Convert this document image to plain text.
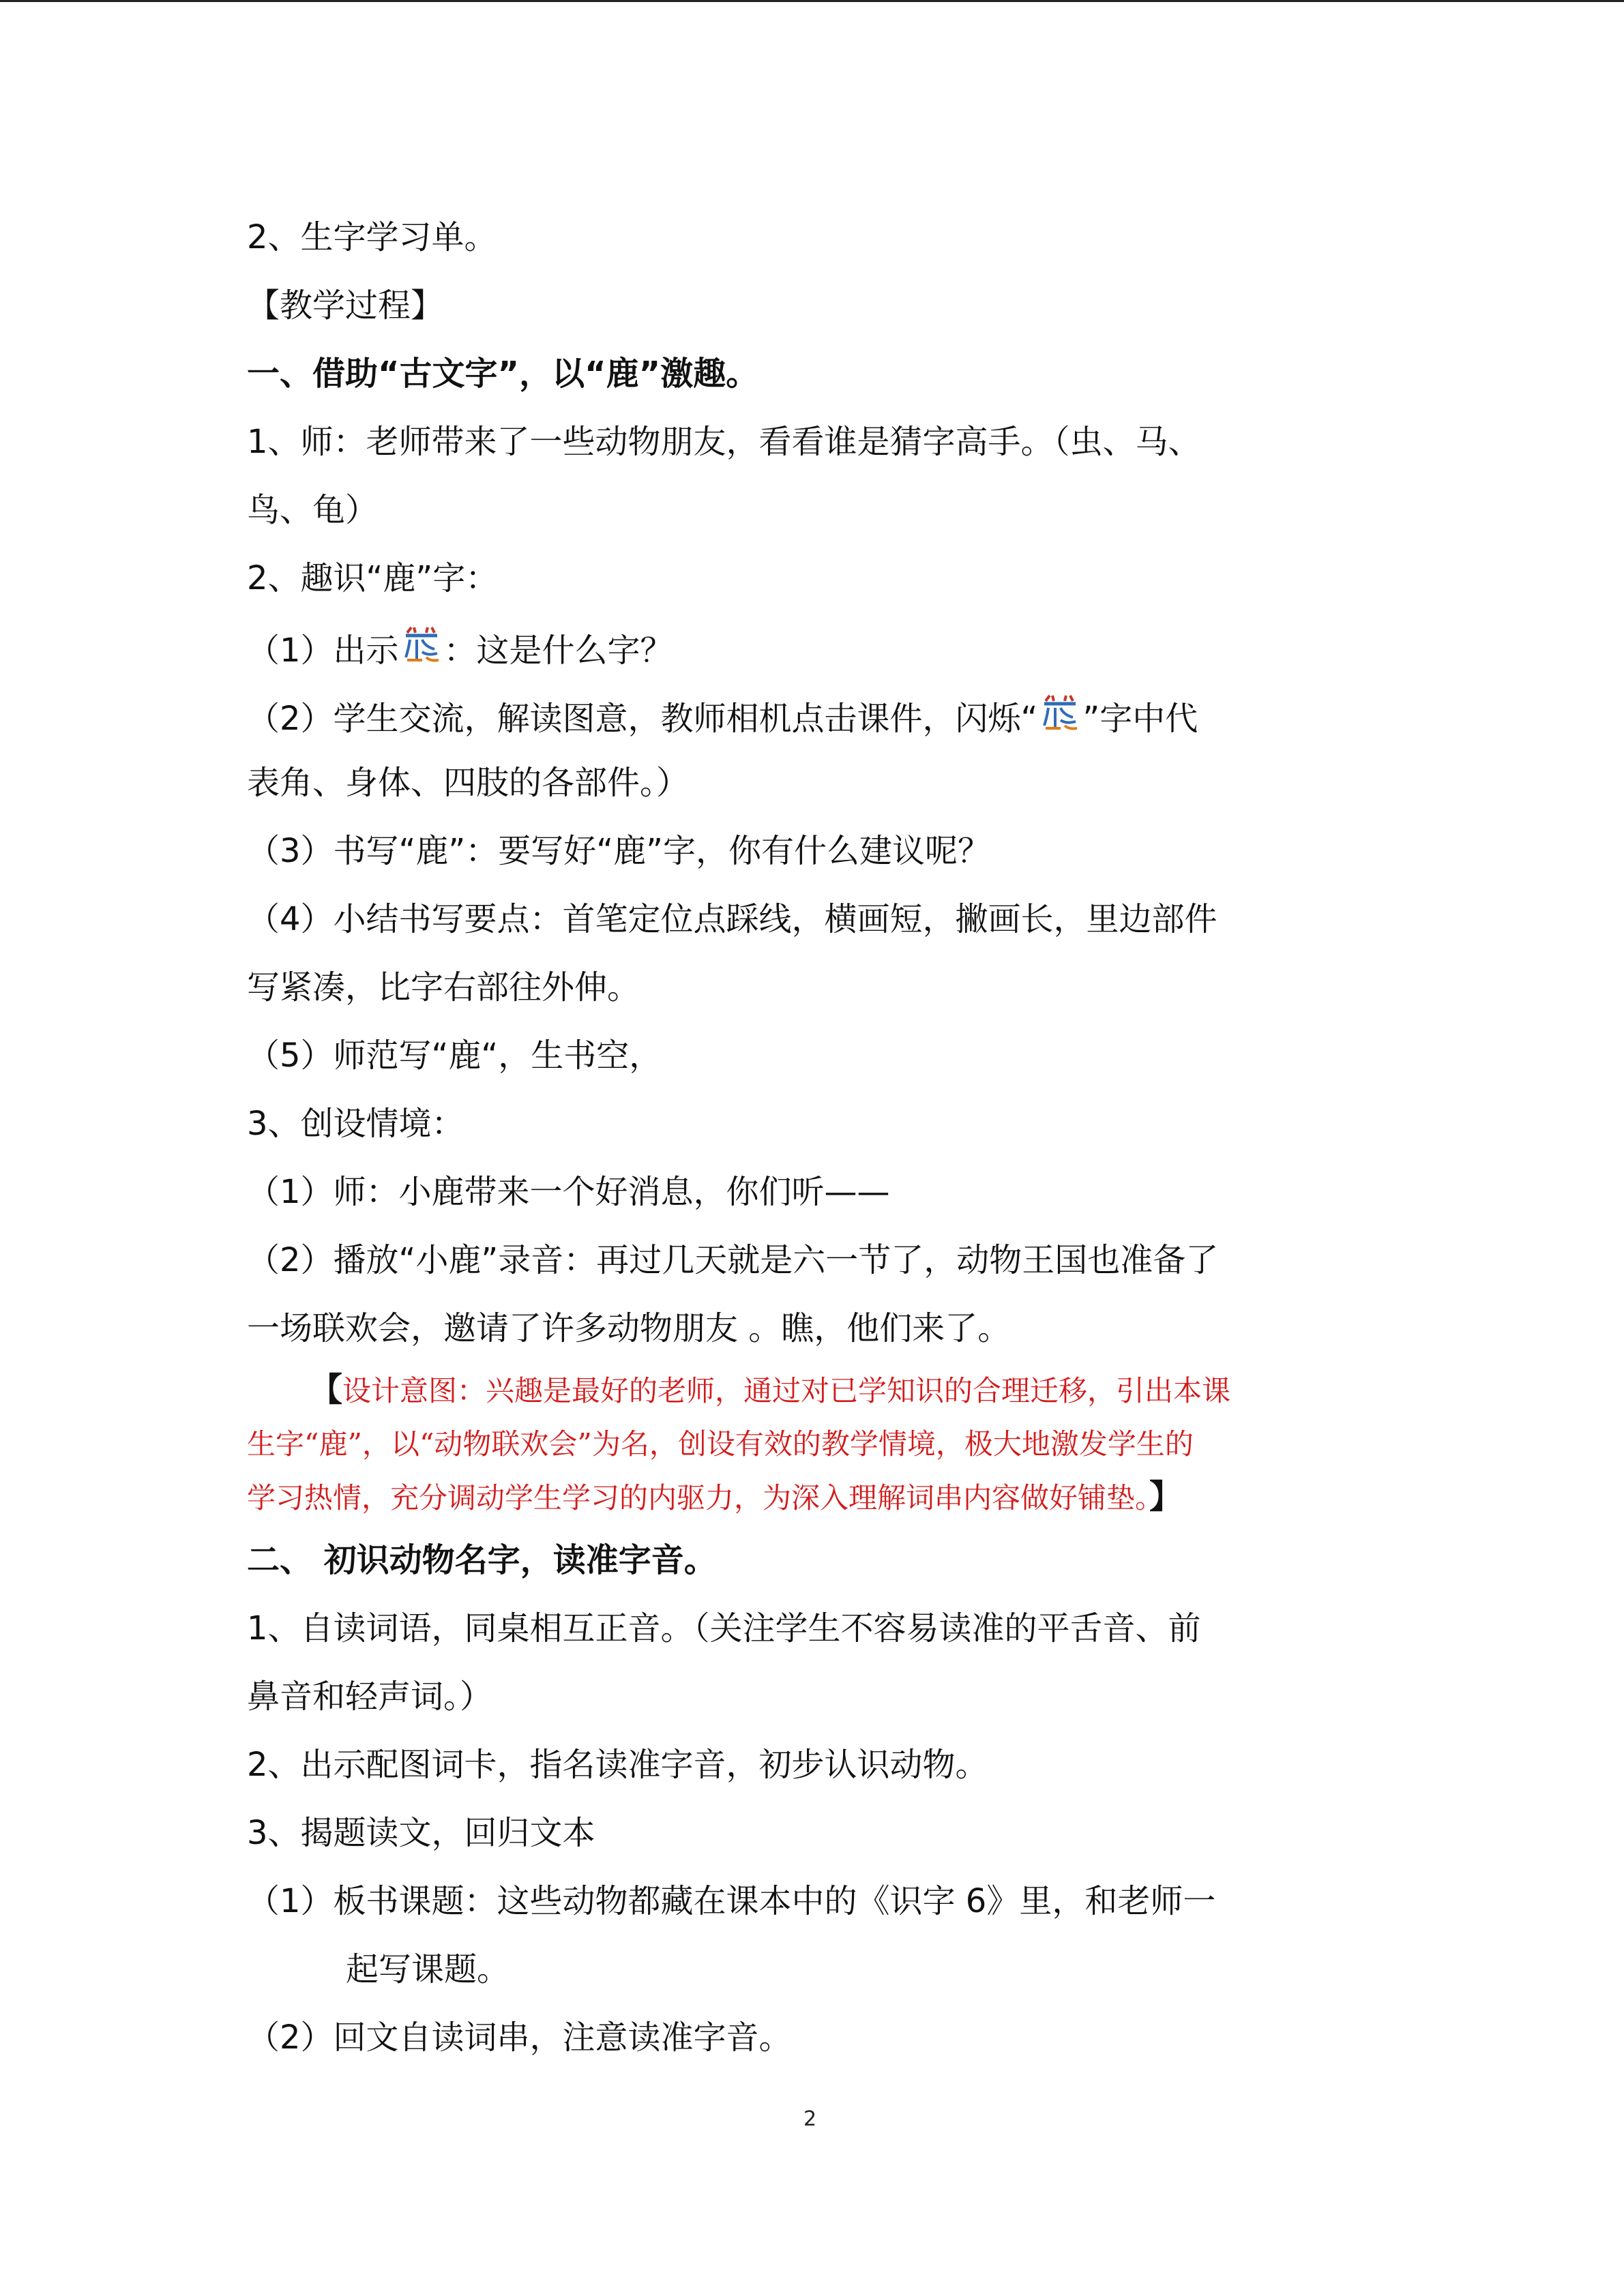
2、生字学习单。
【教学过程】
一、借助“古文字”，以“鹿”激趣。
1、师：老师带来了一些动物朋友，看看谁是猜字高手。（虫、马、
鸟、龟）
2、趣识“鹿”字：
（1）出示 ：这是什么字？
（2）学生交流，解读图意，教师相机点击课件，闪烁“ ”字中代
表角、身体、四肢的各部件。）
（3）书写“鹿”：要写好“鹿”字，你有什么建议呢？
（4）小结书写要点：首笔定位点踩线，横画短，撇画长，里边部件
写紧凑，比字右部往外伸。
（5）师范写“鹿“，生书空，
3、创设情境：
（1）师：小鹿带来一个好消息，你们听——
（2）播放“小鹿”录音：再过几天就是六一节了，动物王国也准备了
一场联欢会，邀请了许多动物朋友 。瞧，他们来了。
【设计意图：兴趣是最好的老师，通过对已学知识的合理迁移，引出本课
生字“鹿”，以“动物联欢会”为名，创设有效的教学情境，极大地激发学生的
学习热情，充分调动学生学习的内驱力，为深入理解词串内容做好铺垫。】
二、 初识动物名字，读准字音。
1、自读词语，同桌相互正音。（关注学生不容易读准的平舌音、前
鼻音和轻声词。）
2、出示配图词卡，指名读准字音，初步认识动物。
3、揭题读文，回归文本
（1）板书课题：这些动物都藏在课本中的《识字 6》里，和老师一
起写课题。
（2）回文自读词串，注意读准字音。
2
